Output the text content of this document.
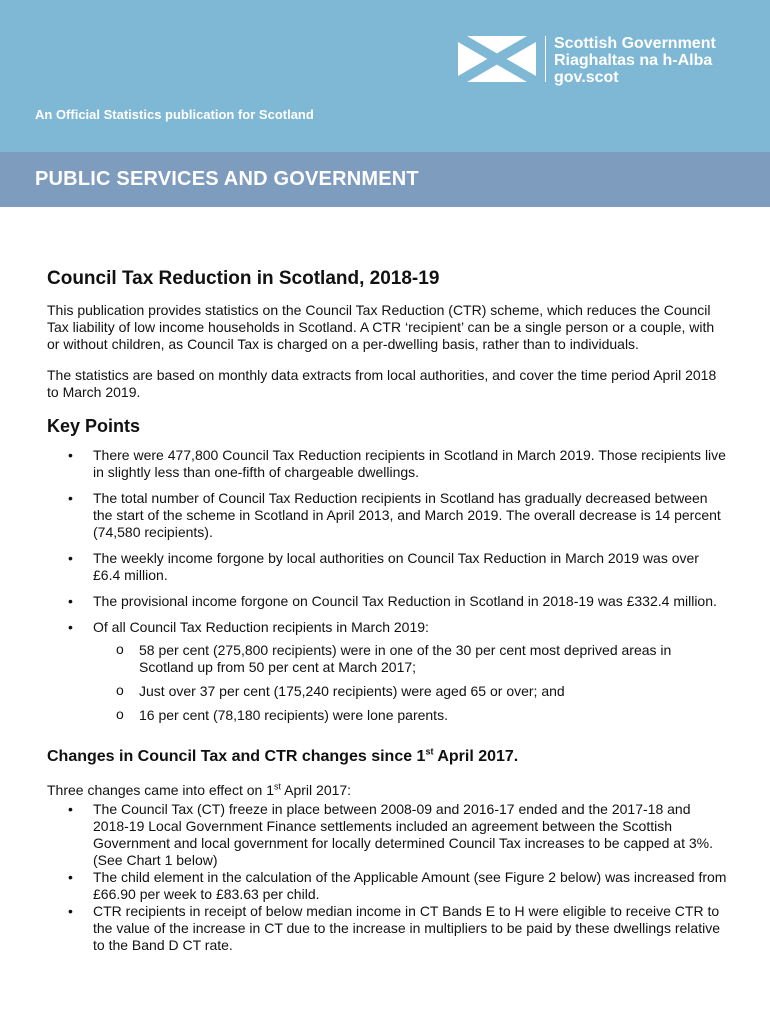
Scottish Government
Riaghaltas na h-Alba
gov.scot
An Official Statistics publication for Scotland
PUBLIC SERVICES AND GOVERNMENT
Council Tax Reduction in Scotland, 2018-19

This publication provides statistics on the Council Tax Reduction (CTR) scheme, which reduces the Council Tax liability of low income households in Scotland. A CTR ‘recipient’ can be a single person or a couple, with or without children, as Council Tax is charged on a per-dwelling basis, rather than to individuals.

The statistics are based on monthly data extracts from local authorities, and cover the time period April 2018 to March 2019.

Key Points
• There were 477,800 Council Tax Reduction recipients in Scotland in March 2019. Those recipients live in slightly less than one-fifth of chargeable dwellings.
• The total number of Council Tax Reduction recipients in Scotland has gradually decreased between the start of the scheme in Scotland in April 2013, and March 2019. The overall decrease is 14 percent (74,580 recipients).
• The weekly income forgone by local authorities on Council Tax Reduction in March 2019 was over £6.4 million.
• The provisional income forgone on Council Tax Reduction in Scotland in 2018-19 was £332.4 million.
• Of all Council Tax Reduction recipients in March 2019:
o 58 per cent (275,800 recipients) were in one of the 30 per cent most deprived areas in Scotland up from 50 per cent at March 2017;
o Just over 37 per cent (175,240 recipients) were aged 65 or over; and
o 16 per cent (78,180 recipients) were lone parents.
Changes in Council Tax and CTR changes since 1st April 2017.

Three changes came into effect on 1st April 2017:

• The Council Tax (CT) freeze in place between 2008-09 and 2016-17 ended and the 2017-18 and 2018-19 Local Government Finance settlements included an agreement between the Scottish Government and local government for locally determined Council Tax increases to be capped at 3%. (See Chart 1 below)
• The child element in the calculation of the Applicable Amount (see Figure 2 below) was increased from £66.90 per week to £83.63 per child.
• CTR recipients in receipt of below median income in CT Bands E to H were eligible to receive CTR to the value of the increase in CT due to the increase in multipliers to be paid by these dwellings relative to the Band D CT rate.
